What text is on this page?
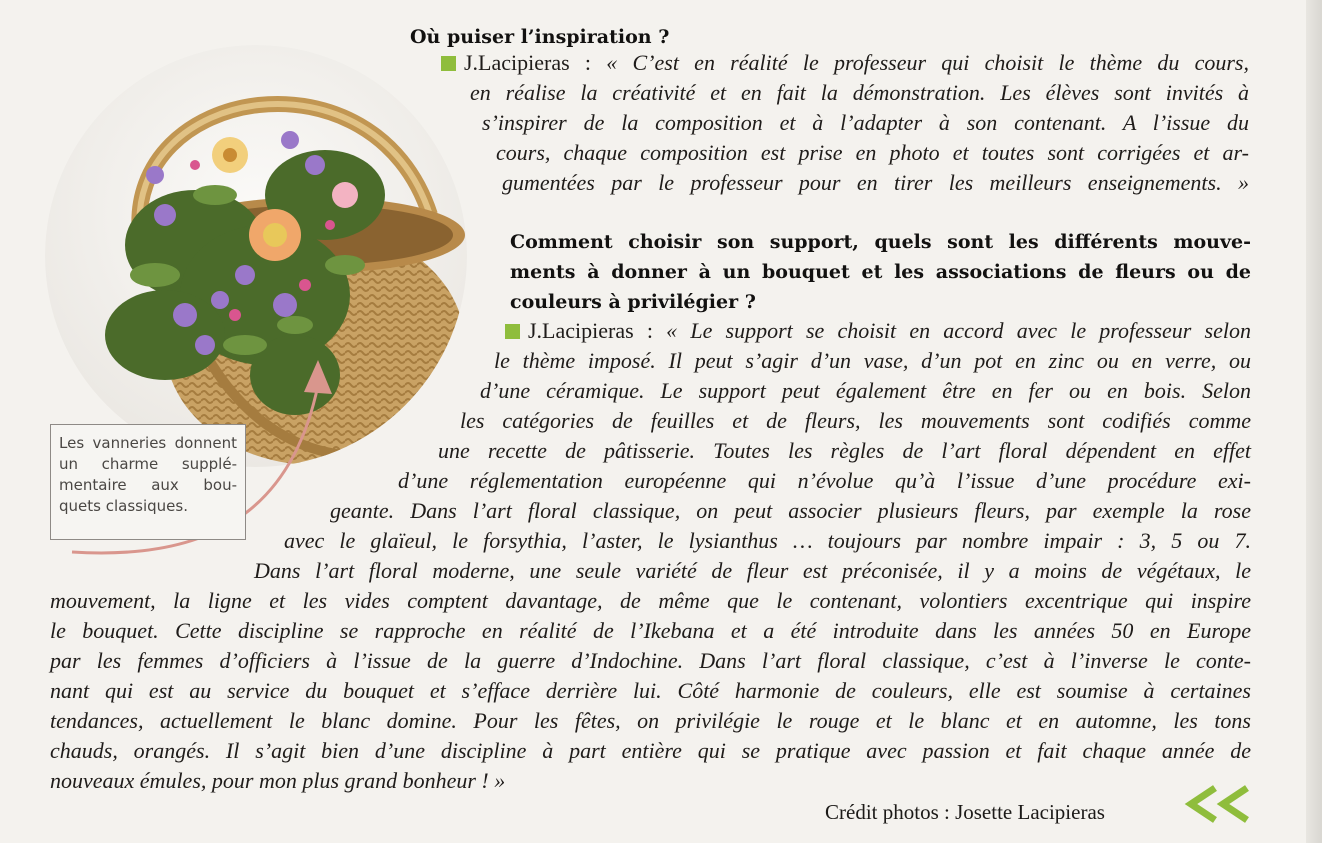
Les vanneries donnent un charme supplé-mentaire aux bou-quets classiques.

Où puiser l’inspiration ?

J.Lacipieras : « C’est en réalité le professeur qui choisit le thème du cours,

en réalise la créativité et en fait la démonstration. Les élèves sont invités à

s’inspirer de la composition et à l’adapter à son contenant. A l’issue du

cours, chaque composition est prise en photo et toutes sont corrigées et ar-

gumentées par le professeur pour en tirer les meilleurs enseignements. »

Comment choisir son support, quels sont les différents mouve-

ments à donner à un bouquet et les associations de fleurs ou de

couleurs à privilégier ?

J.Lacipieras : « Le support se choisit en accord avec le professeur selon

le thème imposé. Il peut s’agir d’un vase, d’un pot en zinc ou en verre, ou

d’une céramique. Le support peut également être en fer ou en bois. Selon

les catégories de feuilles et de fleurs, les mouvements sont codifiés comme

une recette de pâtisserie. Toutes les règles de l’art floral dépendent en effet

d’une réglementation européenne qui n’évolue qu’à l’issue d’une procédure exi-

geante. Dans l’art floral classique, on peut associer plusieurs fleurs, par exemple la rose

avec le glaïeul, le forsythia, l’aster, le lysianthus … toujours par nombre impair : 3, 5 ou 7.

Dans l’art floral moderne, une seule variété de fleur est préconisée, il y a moins de végétaux, le

mouvement, la ligne et les vides comptent davantage, de même que le contenant, volontiers excentrique qui inspire

le bouquet. Cette discipline se rapproche en réalité de l’Ikebana et a été introduite dans les années 50 en Europe

par les femmes d’officiers à l’issue de la guerre d’Indochine. Dans l’art floral classique, c’est à l’inverse le conte-

nant qui est au service du bouquet et s’efface derrière lui. Côté harmonie de couleurs, elle est soumise à certaines

tendances, actuellement le blanc domine. Pour les fêtes, on privilégie le rouge et le blanc et en automne, les tons

chauds, orangés. Il s’agit bien d’une discipline à part entière qui se pratique avec passion et fait chaque année de

nouveaux émules, pour mon plus grand bonheur ! »

Crédit photos : Josette Lacipieras
